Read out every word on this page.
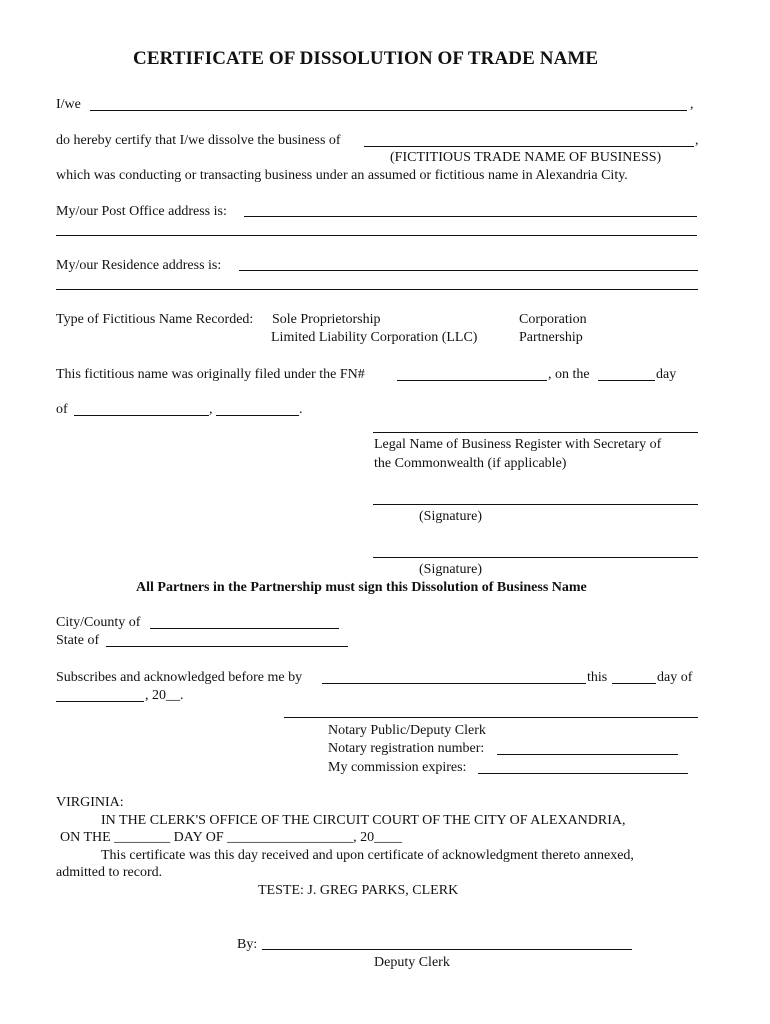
CERTIFICATE OF DISSOLUTION OF TRADE NAME
I/we	,
do hereby certify that I/we dissolve the business of	,
(FICTITIOUS TRADE NAME OF BUSINESS)
which was conducting or transacting business under an assumed or fictitious name in Alexandria City.
My/our Post Office address is:
My/our Residence address is:
Type of Fictitious Name Recorded: Sole Proprietorship	Corporation
Limited Liability Corporation (LLC)	Partnership
This fictitious name was originally filed under the FN#	, on the	day
of	,	.
Legal Name of Business Register with Secretary of
the Commonwealth (if applicable)
(Signature)
(Signature)
All Partners in the Partnership must sign this Dissolution of Business Name
City/County of
State of
Subscribes and acknowledged before me by	this	day of
, 20__.
Notary Public/Deputy Clerk
Notary registration number:
My commission expires:
VIRGINIA:
IN THE CLERK'S OFFICE OF THE CIRCUIT COURT OF THE CITY OF ALEXANDRIA,
ON THE ________ DAY OF __________________, 20____
This certificate was this day received and upon certificate of acknowledgment thereto annexed,
admitted to record.
TESTE: J. GREG PARKS, CLERK
By:
Deputy Clerk
